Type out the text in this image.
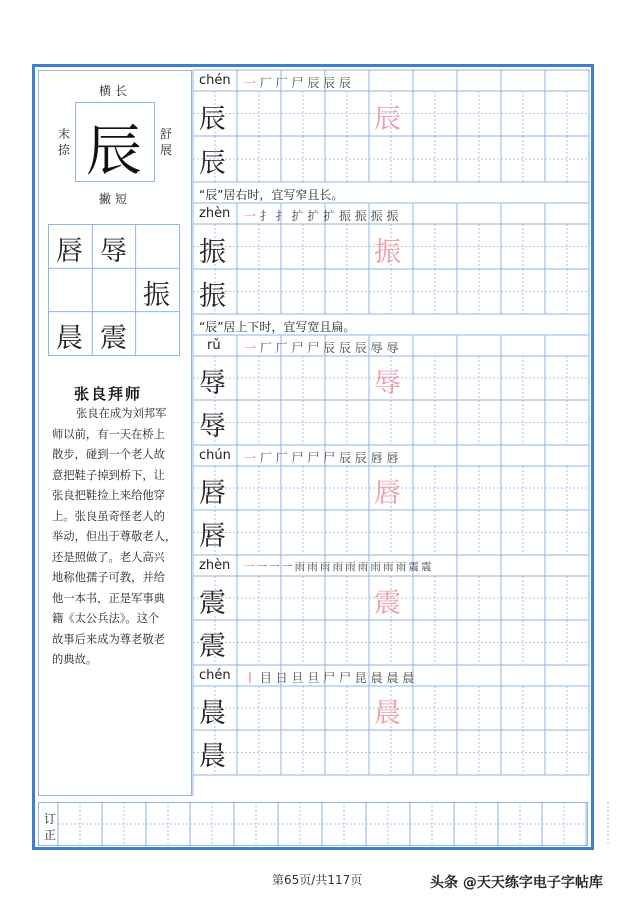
横长
撇短
末捺
舒展
辰
唇 辱
振
晨 震
张良拜师
张良在成为刘邦军
师以前，有一天在桥上
散步，碰到一个老人故
意把鞋子掉到桥下，让
张良把鞋捡上来给他穿
上。张良虽奇怪老人的
举动，但出于尊敬老人，
还是照做了。老人高兴
地称他孺子可教，并给
他一本书，正是军事典
籍《太公兵法》。这个
故事后来成为尊老敬老
的典故。
chén 一 厂 厂 尸 辰 辰 辰
辰
辰
辰
“辰”居右时，宜写窄且长。
zhèn 一 扌 扌 扩 扩 扩 振 振 振 振
振
振
振
“辰”居上下时，宜写宽且扁。
rǔ 一 厂 厂 尸 尸 辰 辰 辰 辱 辱
辱
辱
辱
chún 一 厂 厂 尸 尸 尸 辰 辰 唇 唇
唇
唇
唇
zhèn 一 一 一 一 雨 雨 雨 雨 雨 雨 雨 雨 雨 震 震
震
震
震
chén 丨 目 日 旦 旦 尸 尸 昆 晨 晨 晨
晨
晨
晨
订
正
第65页/共117页	头条 @天天练字电子字帖库
